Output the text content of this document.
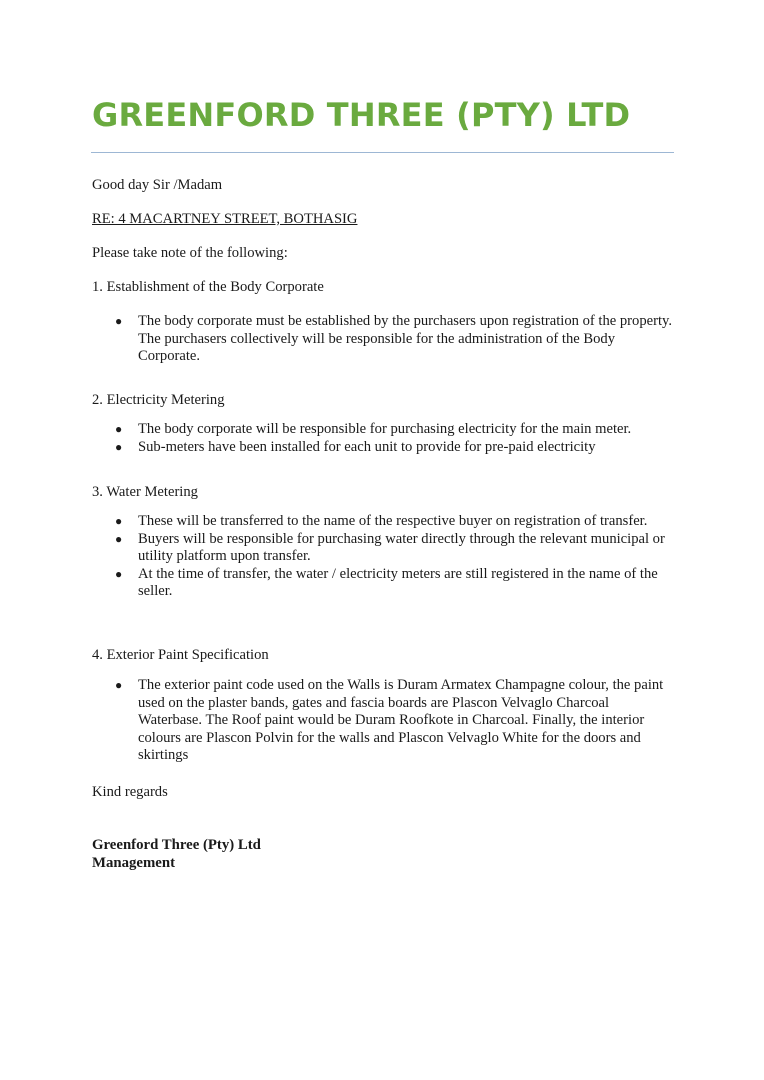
GREENFORD THREE (PTY) LTD
Good day Sir /Madam
RE: 4 MACARTNEY STREET, BOTHASIG
Please take note of the following:
1. Establishment of the Body Corporate
● The body corporate must be established by the purchasers upon registration of the property. The purchasers collectively will be responsible for the administration of the Body Corporate.
2. Electricity Metering
● The body corporate will be responsible for purchasing electricity for the main meter.
● Sub-meters have been installed for each unit to provide for pre-paid electricity
3. Water Metering
● These will be transferred to the name of the respective buyer on registration of transfer.
● Buyers will be responsible for purchasing water directly through the relevant municipal or utility platform upon transfer.
● At the time of transfer, the water / electricity meters are still registered in the name of the seller.
4. Exterior Paint Specification
● The exterior paint code used on the Walls is Duram Armatex Champagne colour, the paint used on the plaster bands, gates and fascia boards are Plascon Velvaglo Charcoal Waterbase. The Roof paint would be Duram Roofkote in Charcoal. Finally, the interior colours are Plascon Polvin for the walls and Plascon Velvaglo White for the doors and skirtings
Kind regards
Greenford Three (Pty) Ltd
Management
